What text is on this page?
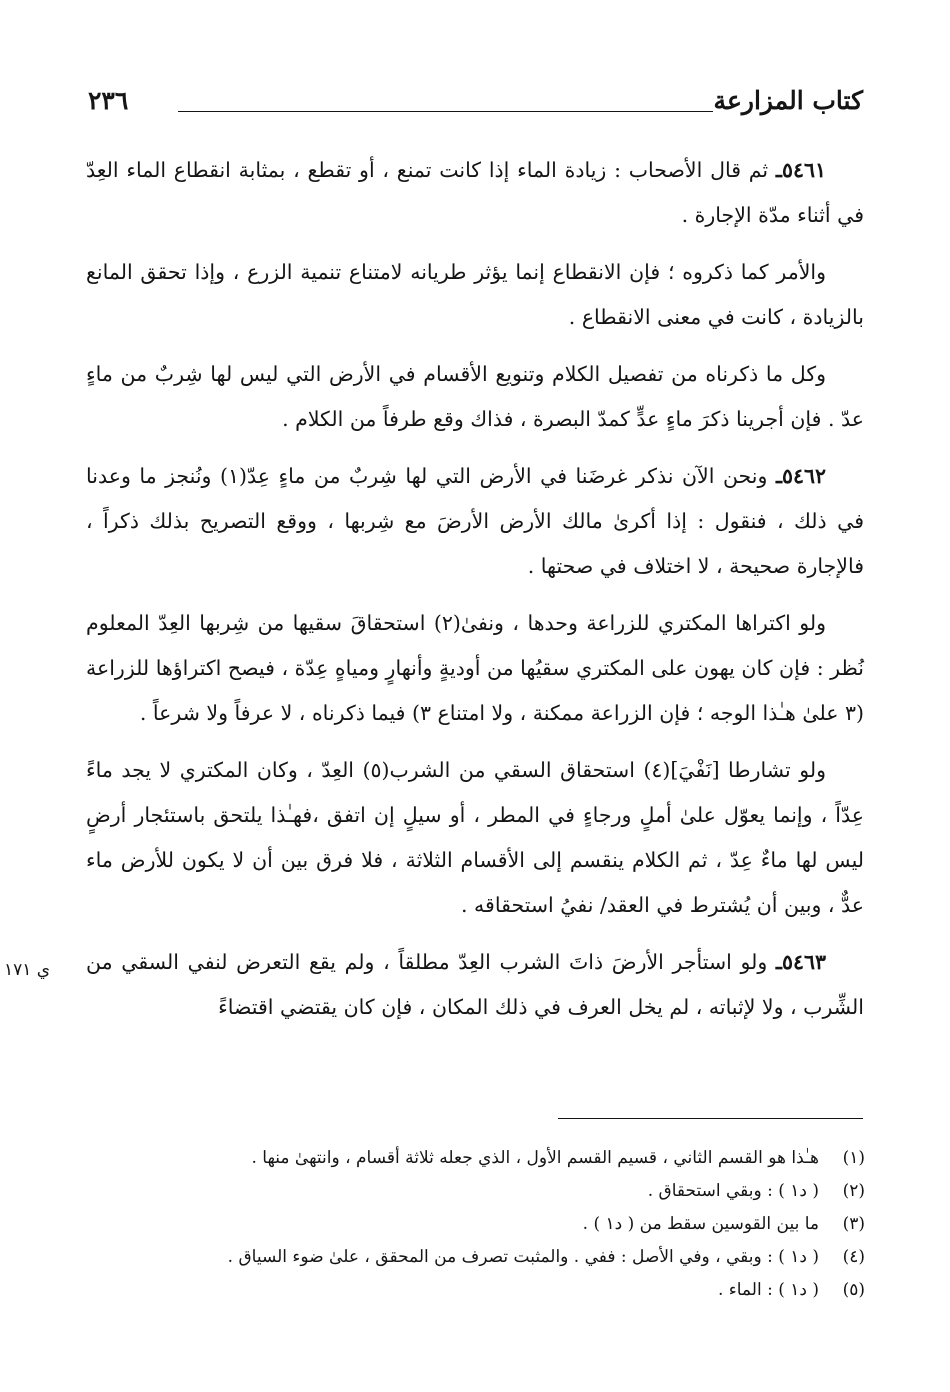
كتاب المزارعة
٢٣٦

٥٤٦١ـ ثم قال الأصحاب : زيادة الماء إذا كانت تمنع ، أو تقطع ، بمثابة انقطاع الماء العِدّ في أثناء مدّة الإجارة .

والأمر كما ذكروه ؛ فإن الانقطاع إنما يؤثر طريانه لامتناع تنمية الزرع ، وإذا تحقق المانع بالزيادة ، كانت في معنى الانقطاع .

وكل ما ذكرناه من تفصيل الكلام وتنويع الأقسام في الأرض التي ليس لها شِربٌ من ماءٍ عدّ . فإن أجرينا ذكرَ ماءٍ عدٍّ كمدّ البصرة ، فذاك وقع طرفاً من الكلام .

٥٤٦٢ـ ونحن الآن نذكر غرضَنا في الأرض التي لها شِربٌ من ماءٍ عِدّ(١) ونُنجز ما وعدنا في ذلك ، فنقول : إذا أكرىٰ مالك الأرض الأرضَ مع شِربها ، ووقع التصريح بذلك ذكراً ، فالإجارة صحيحة ، لا اختلاف في صحتها .

ولو اكتراها المكتري للزراعة وحدها ، ونفىٰ(٢) استحقاقَ سقيها من شِربها العِدّ المعلوم نُظر : فإن كان يهون على المكتري سقيُها من أوديةٍ وأنهارٍ ومياهٍ عِدّة ، فيصح اكتراؤها للزراعة (٣ علىٰ هـٰذا الوجه ؛ فإن الزراعة ممكنة ، ولا امتناع ٣) فيما ذكرناه ، لا عرفاً ولا شرعاً .

ولو تشارطا [نَفْيَ](٤) استحقاق السقي من الشرب(٥) العِدّ ، وكان المكتري لا يجد ماءً عِدّاً ، وإنما يعوّل علىٰ أملٍ ورجاءٍ في المطر ، أو سيلٍ إن اتفق ،فهـٰذا يلتحق باستئجار أرضٍ ليس لها ماءٌ عِدّ ، ثم الكلام ينقسم إلى الأقسام الثلاثة ، فلا فرق بين أن لا يكون للأرض ماء عدٌّ ، وبين أن يُشترط في العقد/ نفيُ استحقاقه .

٥٤٦٣ـ ولو استأجر الأرضَ ذاتَ الشرب العِدّ مطلقاً ، ولم يقع التعرض لنفي السقي من الشِّرب ، ولا لإثباته ، لم يخل العرف في ذلك المكان ، فإن كان يقتضي اقتضاءً

ي ١٧١
(١)هـٰذا هو القسم الثاني ، قسيم القسم الأول ، الذي جعله ثلاثة أقسام ، وانتهىٰ منها .
(٢)( د١ ) : وبقي استحقاق .
(٣)ما بين القوسين سقط من ( د١ ) .
(٤)( د١ ) : وبقي ، وفي الأصل : ففي . والمثبت تصرف من المحقق ، علىٰ ضوء السياق .
(٥)( د١ ) : الماء .
